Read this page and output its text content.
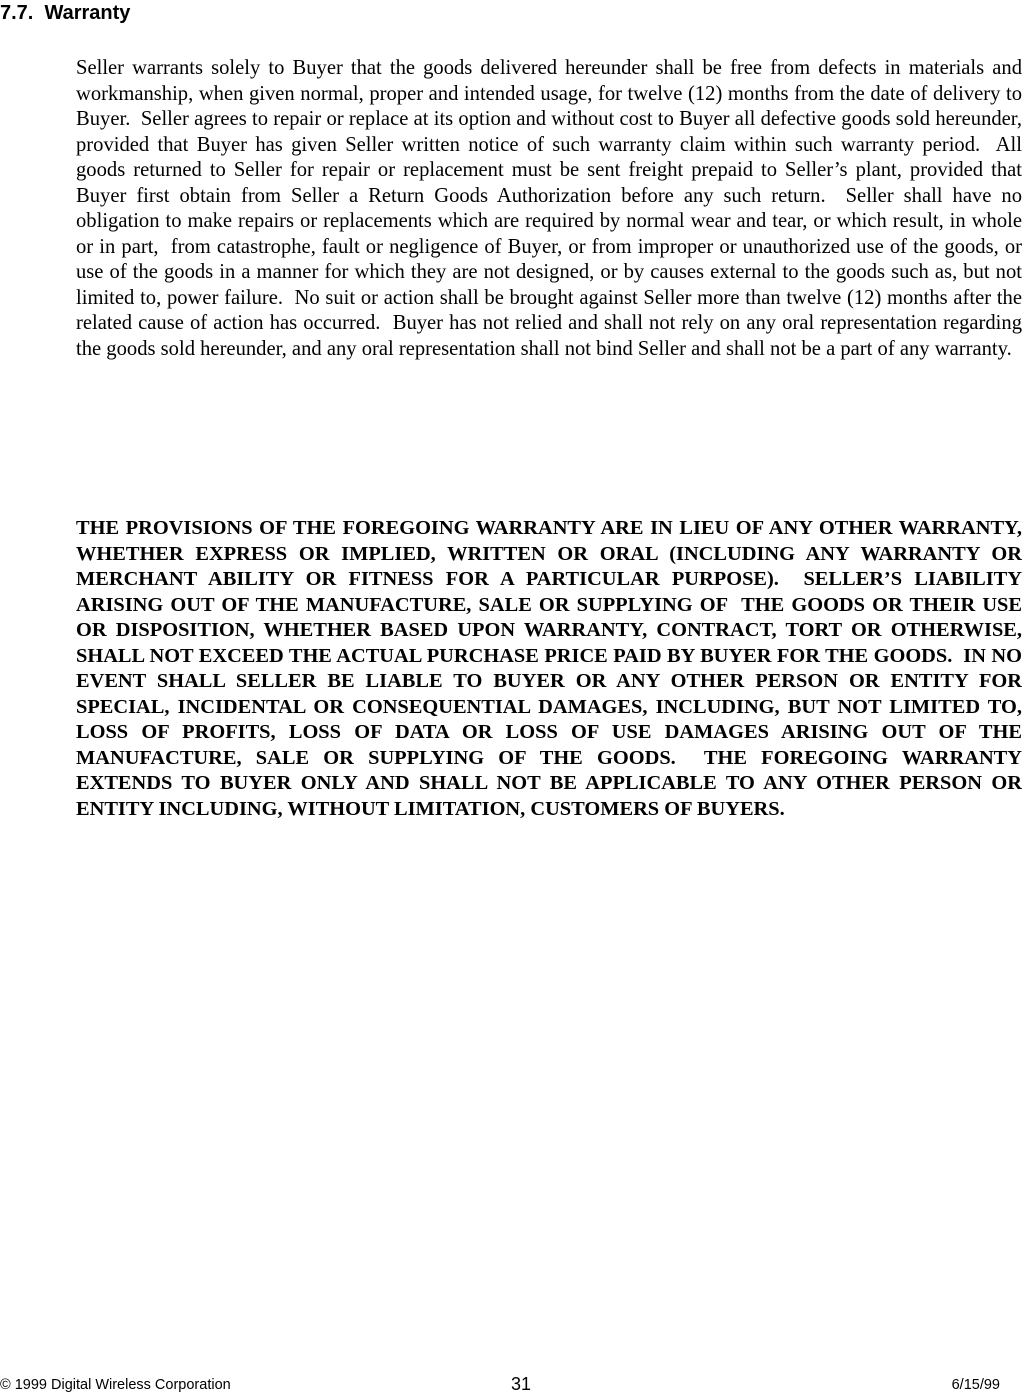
7.7.  Warranty

Seller warrants solely to Buyer that the goods delivered hereunder shall be free from defects in materials and workmanship, when given normal, proper and intended usage, for twelve (12) months from the date of delivery to Buyer.  Seller agrees to repair or replace at its option and without cost to Buyer all defective goods sold hereunder, provided that Buyer has given Seller written notice of such warranty claim within such warranty period.  All goods returned to Seller for repair or replacement must be sent freight prepaid to Seller’s plant, provided that Buyer first obtain from Seller a Return Goods Authorization before any such return.  Seller shall have no obligation to make repairs or replacements which are required by normal wear and tear, or which result, in whole or in part,  from catastrophe, fault or negligence of Buyer, or from improper or unauthorized use of the goods, or use of the goods in a manner for which they are not designed, or by causes external to the goods such as, but not limited to, power failure.  No suit or action shall be brought against Seller more than twelve (12) months after the related cause of action has occurred.  Buyer has not relied and shall not rely on any oral representation regarding the goods sold hereunder, and any oral representation shall not bind Seller and shall not be a part of any warranty.

THE PROVISIONS OF THE FOREGOING WARRANTY ARE IN LIEU OF ANY OTHER WARRANTY, WHETHER EXPRESS OR IMPLIED, WRITTEN OR ORAL (INCLUDING ANY WARRANTY OR MERCHANT ABILITY OR FITNESS FOR A PARTICULAR PURPOSE).  SELLER’S LIABILITY ARISING OUT OF THE MANUFACTURE, SALE OR SUPPLYING OF  THE GOODS OR THEIR USE OR DISPOSITION, WHETHER BASED UPON WARRANTY, CONTRACT, TORT OR OTHERWISE, SHALL NOT EXCEED THE ACTUAL PURCHASE PRICE PAID BY BUYER FOR THE GOODS.  IN NO EVENT SHALL SELLER BE LIABLE TO BUYER OR ANY OTHER PERSON OR ENTITY FOR SPECIAL, INCIDENTAL OR CONSEQUENTIAL DAMAGES, INCLUDING, BUT NOT LIMITED TO, LOSS OF PROFITS, LOSS OF DATA OR LOSS OF USE DAMAGES ARISING OUT OF THE MANUFACTURE, SALE OR SUPPLYING OF THE GOODS.  THE FOREGOING WARRANTY EXTENDS TO BUYER ONLY AND SHALL NOT BE APPLICABLE TO ANY OTHER PERSON OR ENTITY INCLUDING, WITHOUT LIMITATION, CUSTOMERS OF BUYERS.

© 1999 Digital Wireless Corporation	31	6/15/99
